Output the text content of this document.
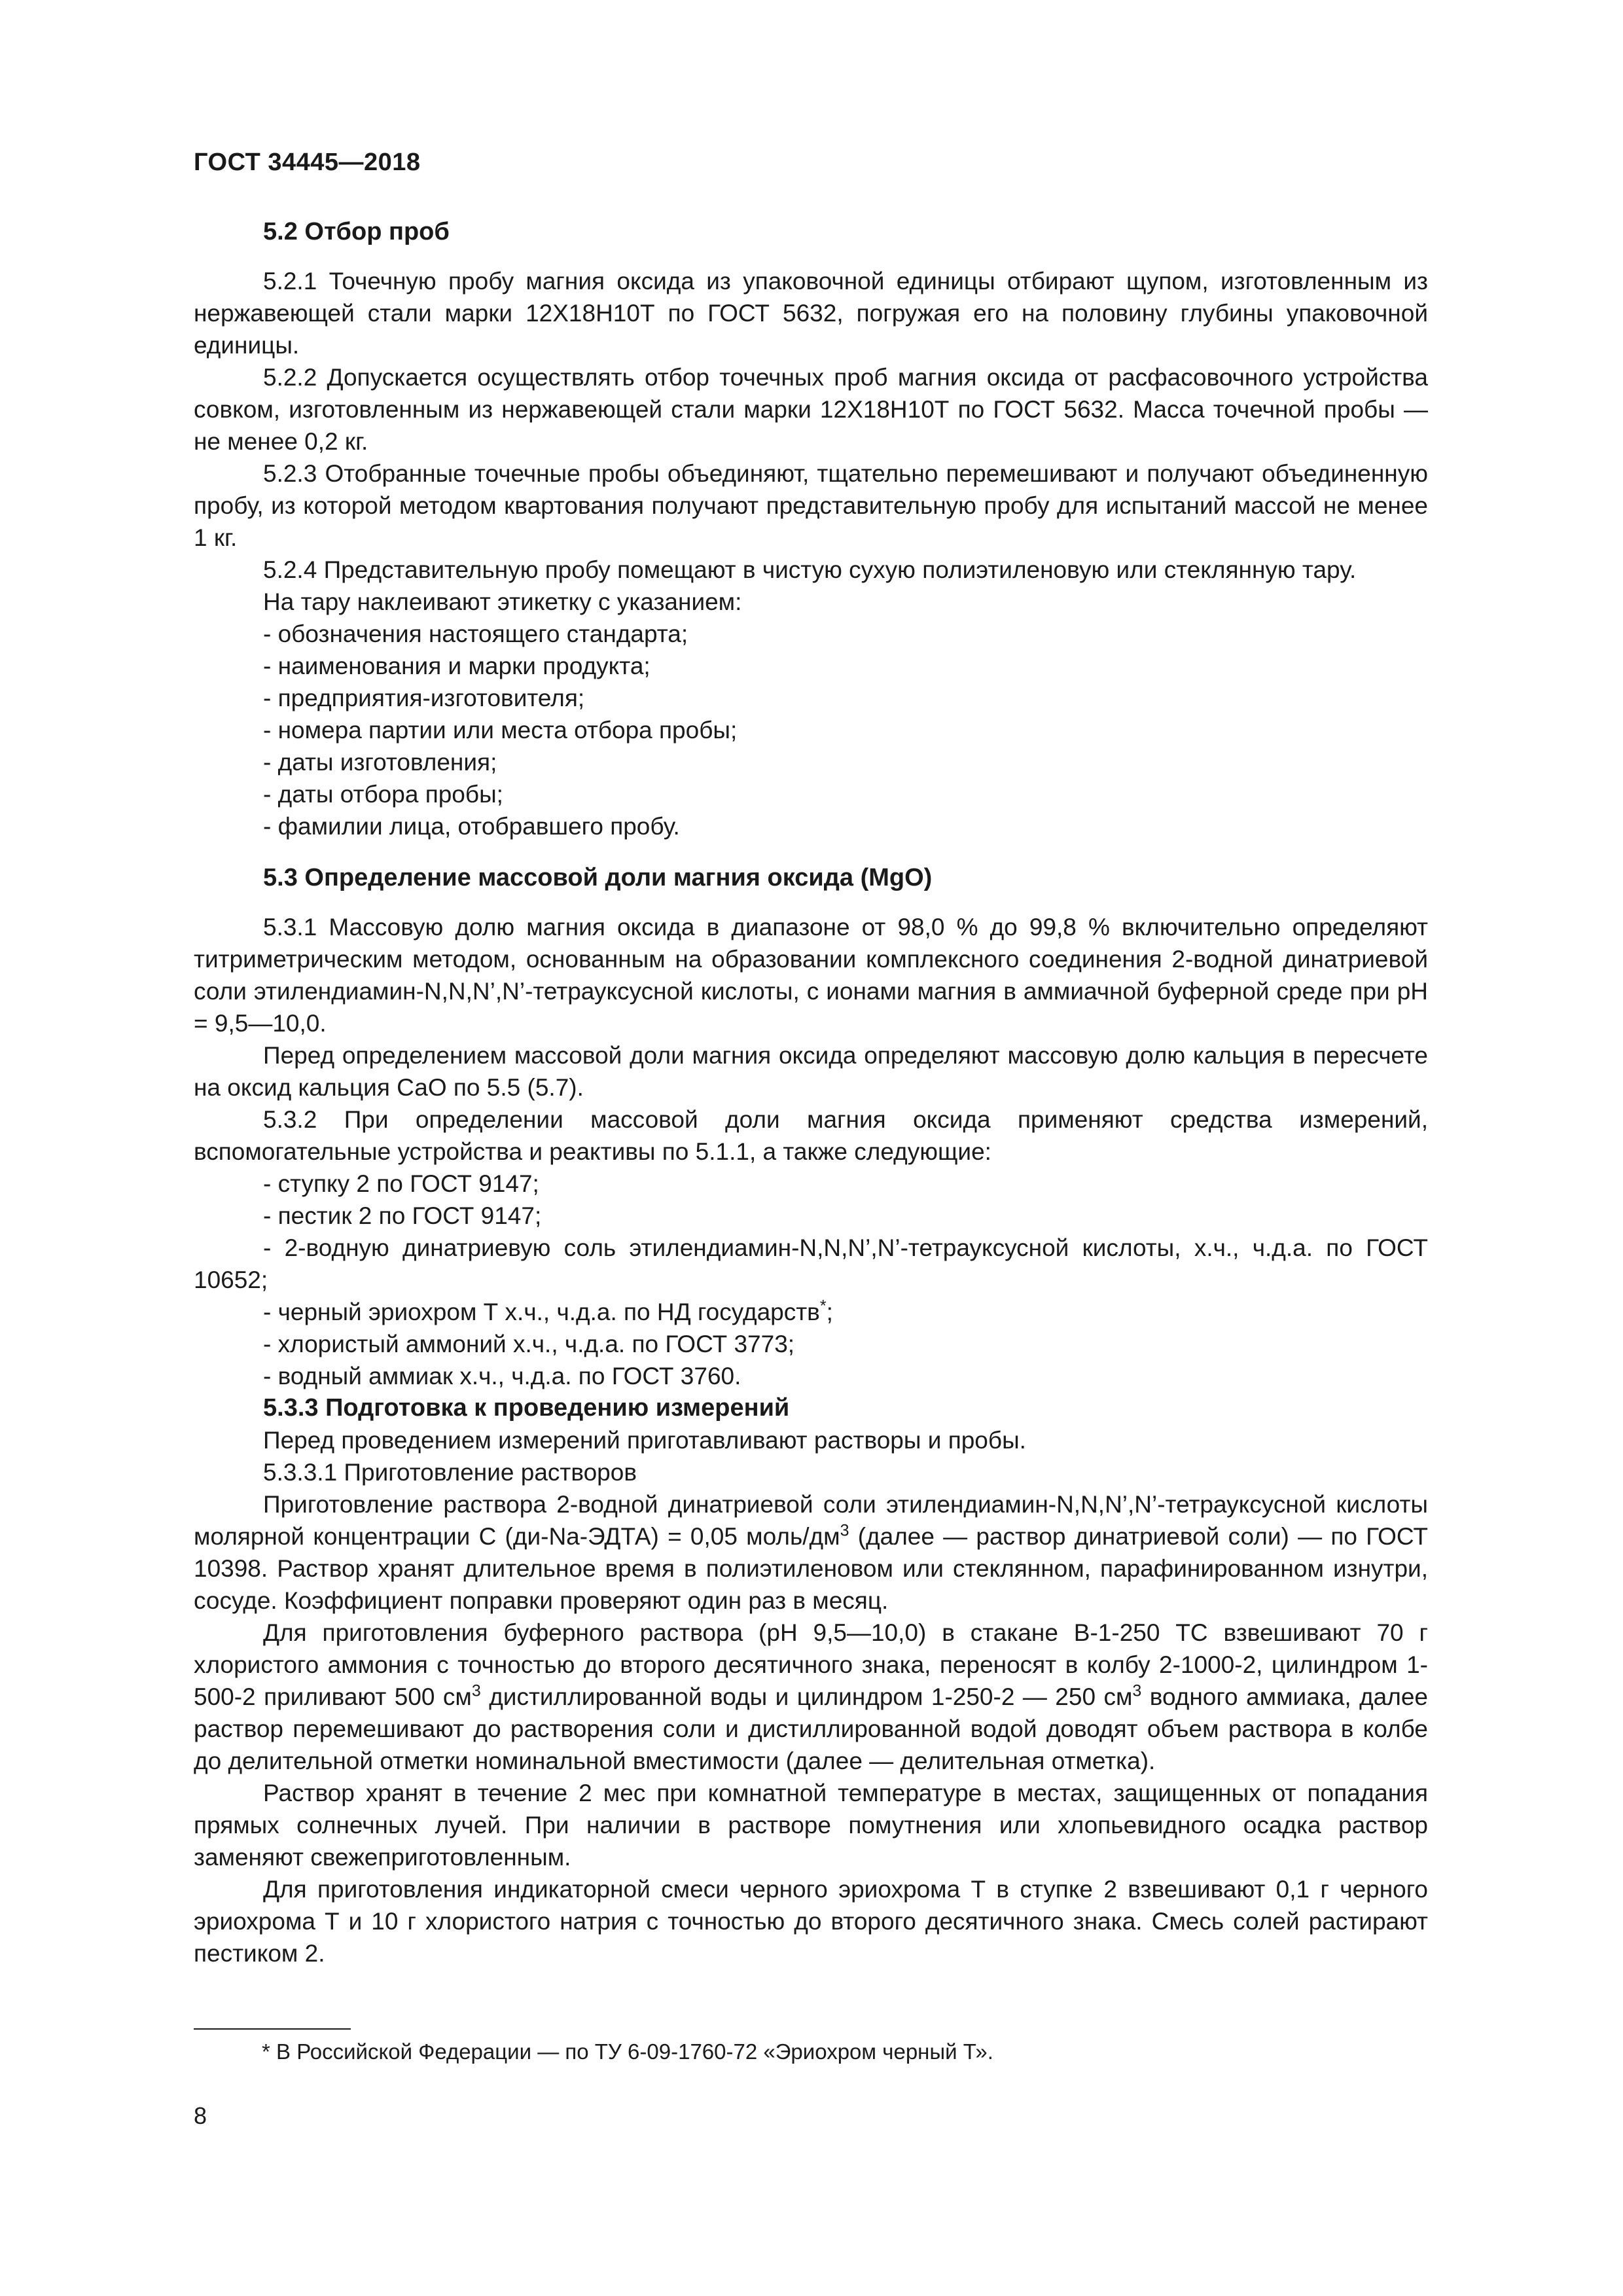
ГОСТ 34445—2018

5.2 Отбор проб

5.2.1 Точечную пробу магния оксида из упаковочной единицы отбирают щупом, изготовленным из нержавеющей стали марки 12Х18Н10Т по ГОСТ 5632, погружая его на половину глубины упаковочной единицы.

5.2.2 Допускается осуществлять отбор точечных проб магния оксида от расфасовочного устройства совком, изготовленным из нержавеющей стали марки 12Х18Н10Т по ГОСТ 5632. Масса точечной пробы — не менее 0,2 кг.

5.2.3 Отобранные точечные пробы объединяют, тщательно перемешивают и получают объединенную пробу, из которой методом квартования получают представительную пробу для испытаний массой не менее 1 кг.

5.2.4 Представительную пробу помещают в чистую сухую полиэтиленовую или стеклянную тару.

На тару наклеивают этикетку с указанием:

- обозначения настоящего стандарта;

- наименования и марки продукта;

- предприятия-изготовителя;

- номера партии или места отбора пробы;

- даты изготовления;

- даты отбора пробы;

- фамилии лица, отобравшего пробу.

5.3 Определение массовой доли магния оксида (MgO)

5.3.1 Массовую долю магния оксида в диапазоне от 98,0 % до 99,8 % включительно определяют титриметрическим методом, основанным на образовании комплексного соединения 2-водной динатриевой соли этилендиамин-N,N,N’,N’-тетрауксусной кислоты, с ионами магния в аммиачной буферной среде при pH = 9,5—10,0.

Перед определением массовой доли магния оксида определяют массовую долю кальция в пересчете на оксид кальция СаО по 5.5 (5.7).

5.3.2 При определении массовой доли магния оксида применяют средства измерений, вспомогательные устройства и реактивы по 5.1.1, а также следующие:

- ступку 2 по ГОСТ 9147;

- пестик 2 по ГОСТ 9147;

- 2-водную динатриевую соль этилендиамин-N,N,N’,N’-тетрауксусной кислоты, х.ч., ч.д.а. по ГОСТ 10652;

- черный эриохром Т х.ч., ч.д.а. по НД государств*;

- хлористый аммоний х.ч., ч.д.а. по ГОСТ 3773;

- водный аммиак х.ч., ч.д.а. по ГОСТ 3760.

5.3.3 Подготовка к проведению измерений

Перед проведением измерений приготавливают растворы и пробы.

5.3.3.1 Приготовление растворов

Приготовление раствора 2-водной динатриевой соли этилендиамин-N,N,N’,N’-тетрауксусной кислоты молярной концентрации С (ди-Na-ЭДТА) = 0,05 моль/$дм^3$ (далее — раствор динатриевой соли) — по ГОСТ 10398. Раствор хранят длительное время в полиэтиленовом или стеклянном, парафинированном изнутри, сосуде. Коэффициент поправки проверяют один раз в месяц.

Для приготовления буферного раствора (pH 9,5—10,0) в стакане В-1-250 ТС взвешивают 70 г хлористого аммония с точностью до второго десятичного знака, переносят в колбу 2-1000-2, цилиндром 1-500-2 приливают 500 $см^3$ дистиллированной воды и цилиндром 1-250-2 — 250 $см^3$ водного аммиака, далее раствор перемешивают до растворения соли и дистиллированной водой доводят объем раствора в колбе до делительной отметки номинальной вместимости (далее — делительная отметка).

Раствор хранят в течение 2 мес при комнатной температуре в местах, защищенных от попадания прямых солнечных лучей. При наличии в растворе помутнения или хлопьевидного осадка раствор заменяют свежеприготовленным.

Для приготовления индикаторной смеси черного эриохрома Т в ступке 2 взвешивают 0,1 г черного эриохрома Т и 10 г хлористого натрия с точностью до второго десятичного знака. Смесь солей растирают пестиком 2.

* В Российской Федерации — по ТУ 6-09-1760-72 «Эриохром черный Т».
8
